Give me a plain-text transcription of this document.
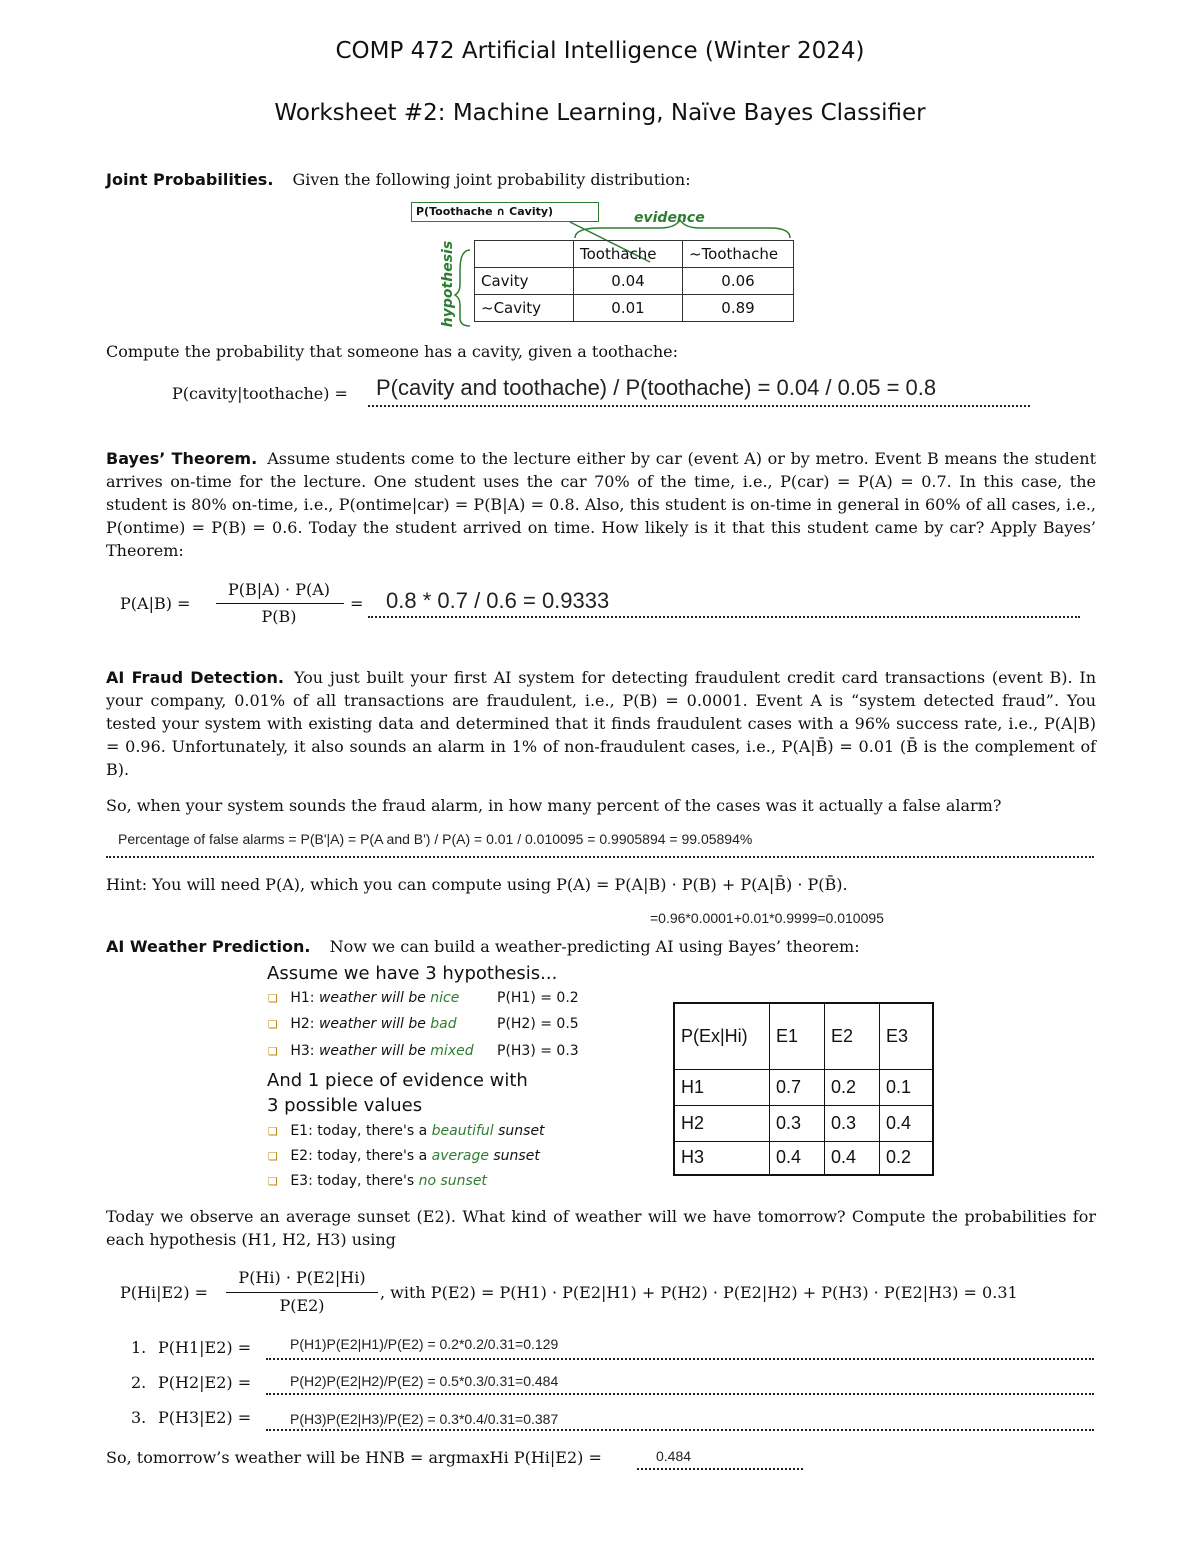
COMP 472 Artificial Intelligence (Winter 2024)
Worksheet #2: Machine Learning, Naïve Bayes Classifier
Joint Probabilities. Given the following joint probability distribution:
P(Toothache ∩ Cavity)	evidence
hypothesis
		Toothache	~Toothache
Cavity	0.04	0.06
~Cavity	0.01	0.89
Compute the probability that someone has a cavity, given a toothache:
P(cavity|toothache) = P(cavity and toothache) / P(toothache) = 0.04 / 0.05 = 0.8
Bayes’ Theorem. Assume students come to the lecture either by car (event A) or by metro. Event B means the student arrives on-time for the lecture. One student uses the car 70% of the time, i.e., P(car) = P(A) = 0.7. In this case, the student is 80% on-time, i.e., P(ontime|car) = P(B|A) = 0.8. Also, this student is on-time in general in 60% of all cases, i.e., P(ontime) = P(B) = 0.6. Today the student arrived on time. How likely is it that this student came by car? Apply Bayes’ Theorem:
P(A|B) =
P(B|A) · P(A)
P(B)
= 0.8 * 0.7 / 0.6 = 0.9333
AI Fraud Detection. You just built your first AI system for detecting fraudulent credit card transactions (event B). In your company, 0.01% of all transactions are fraudulent, i.e., P(B) = 0.0001. Event A is “system detected fraud”. You tested your system with existing data and determined that it finds fraudulent cases with a 96% success rate, i.e., P(A|B) = 0.96. Unfortunately, it also sounds an alarm in 1% of non-fraudulent cases, i.e., P(A|B̄) = 0.01 (B̄ is the complement of B).
So, when your system sounds the fraud alarm, in how many percent of the cases was it actually a false alarm?
Percentage of false alarms = P(B'|A) = P(A and B') / P(A) = 0.01 / 0.010095 = 0.9905894 = 99.05894%
Hint: You will need P(A), which you can compute using P(A) = P(A|B) · P(B) + P(A|B̄) · P(B̄).
=0.96*0.0001+0.01*0.9999=0.010095
AI Weather Prediction. Now we can build a weather-predicting AI using Bayes’ theorem:
Assume we have 3 hypothesis...
❏ H1: weather will be nice	P(H1) = 0.2
❏ H2: weather will be bad	P(H2) = 0.5
❏ H3: weather will be mixed P(H3) = 0.3
And 1 piece of evidence with
3 possible values
❏ E1: today, there's a beautiful sunset
❏ E2: today, there's a average sunset
❏ E3: today, there's no sunset
P(Ex|Hi)	E1	E2	E3
H1	0.7	0.2	0.1
H2	0.3	0.3	0.4
H3	0.4	0.4	0.2
Today we observe an average sunset (E2). What kind of weather will we have tomorrow? Compute the probabilities for each hypothesis (H1, H2, H3) using
P(Hi|E2) =
P(Hi) · P(E2|Hi)
P(E2)
, with P(E2) = P(H1) · P(E2|H1) + P(H2) · P(E2|H2) + P(H3) · P(E2|H3) = 0.31
1. P(H1|E2) =	P(H1)P(E2|H1)/P(E2) = 0.2*0.2/0.31=0.129
2. P(H2|E2) =	P(H2)P(E2|H2)/P(E2) = 0.5*0.3/0.31=0.484
3. P(H3|E2) =	P(H3)P(E2|H3)/P(E2) = 0.3*0.4/0.31=0.387
So, tomorrow’s weather will be HNB = argmaxHi P(Hi|E2) =	0.484
